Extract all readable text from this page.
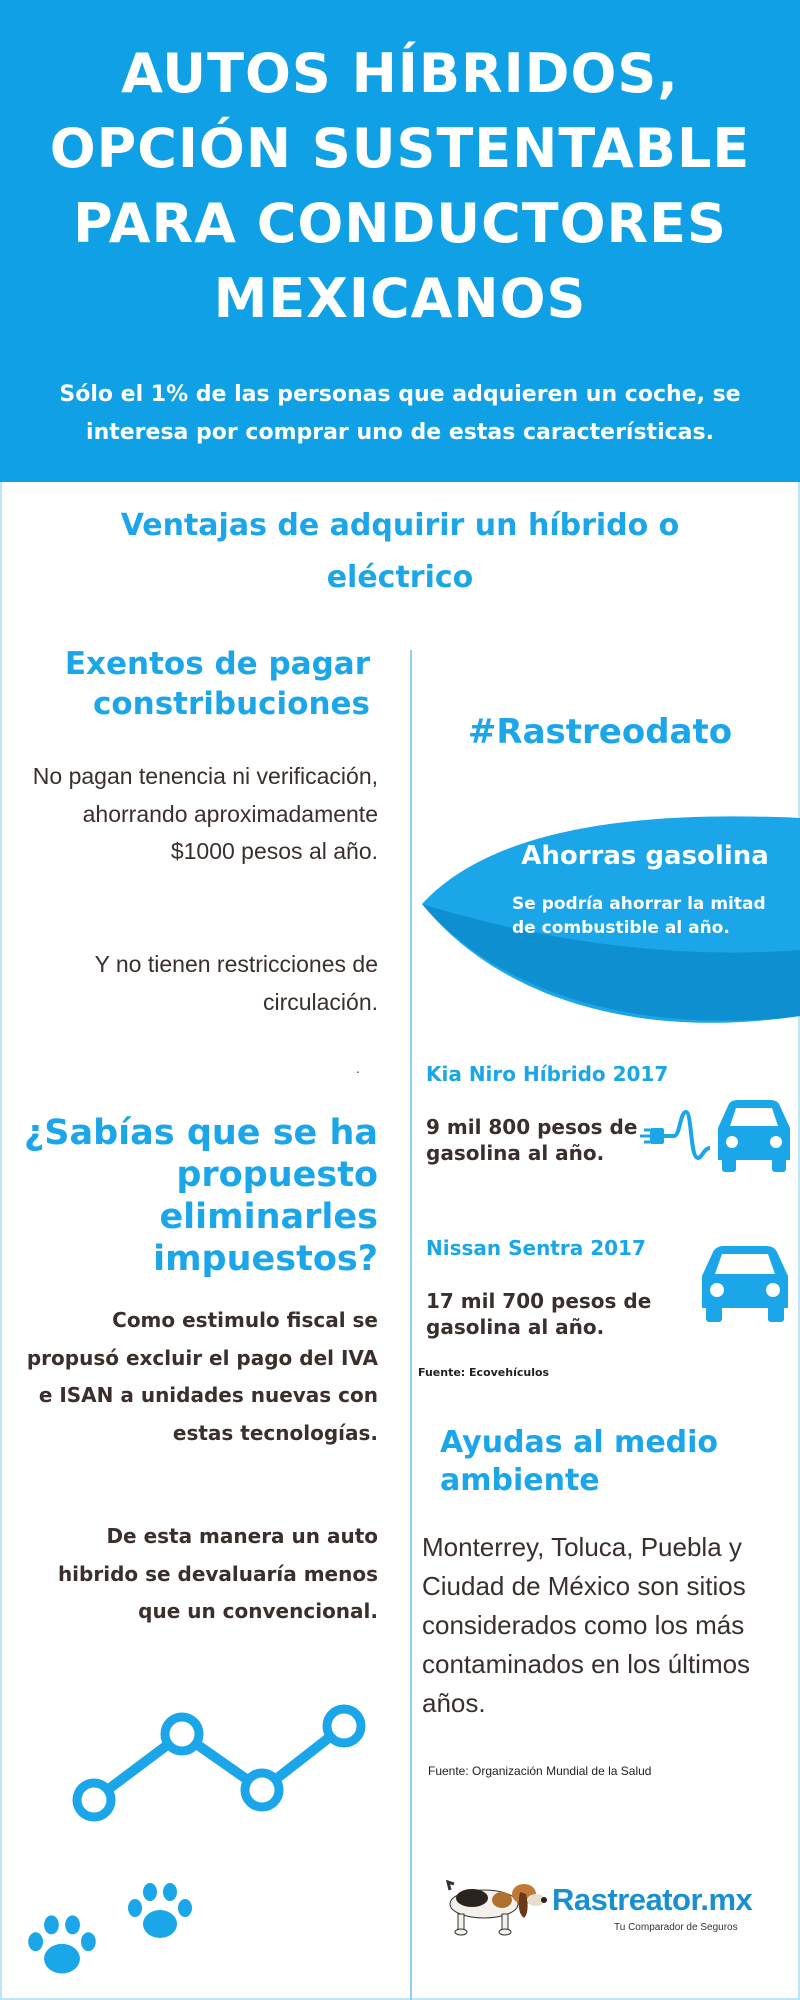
AUTOS HÍBRIDOS, OPCIÓN SUSTENTABLE PARA CONDUCTORES MEXICANOS

Sólo el 1% de las personas que adquieren un coche, se interesa por comprar uno de estas características.

Ventajas de adquirir un híbrido o eléctrico
Exentos de pagar constribuciones

No pagan tenencia ni verificación, ahorrando aproximadamente $1000 pesos al año.

Y no tienen restricciones de circulación.

.
¿Sabías que se ha propuesto eliminarles impuestos?

Como estimulo fiscal se propusó excluir el pago del IVA e ISAN a unidades nuevas con estas tecnologías.

De esta manera un auto hibrido se devaluaría menos que un convencional.

#Rastreodato
Ahorras gasolina

Se podría ahorrar la mitad de combustible al año.

Kia Niro Híbrido 2017

9 mil 800 pesos de gasolina al año.

Nissan Sentra 2017

17 mil 700 pesos de gasolina al año.

Fuente: Ecovehículos

Ayudas al medio ambiente

Monterrey, Toluca, Puebla y Ciudad de México son sitios considerados como los más contaminados en los últimos años.

Fuente: Organización Mundial de la Salud

Rastreator.mx

Tu Comparador de Seguros
